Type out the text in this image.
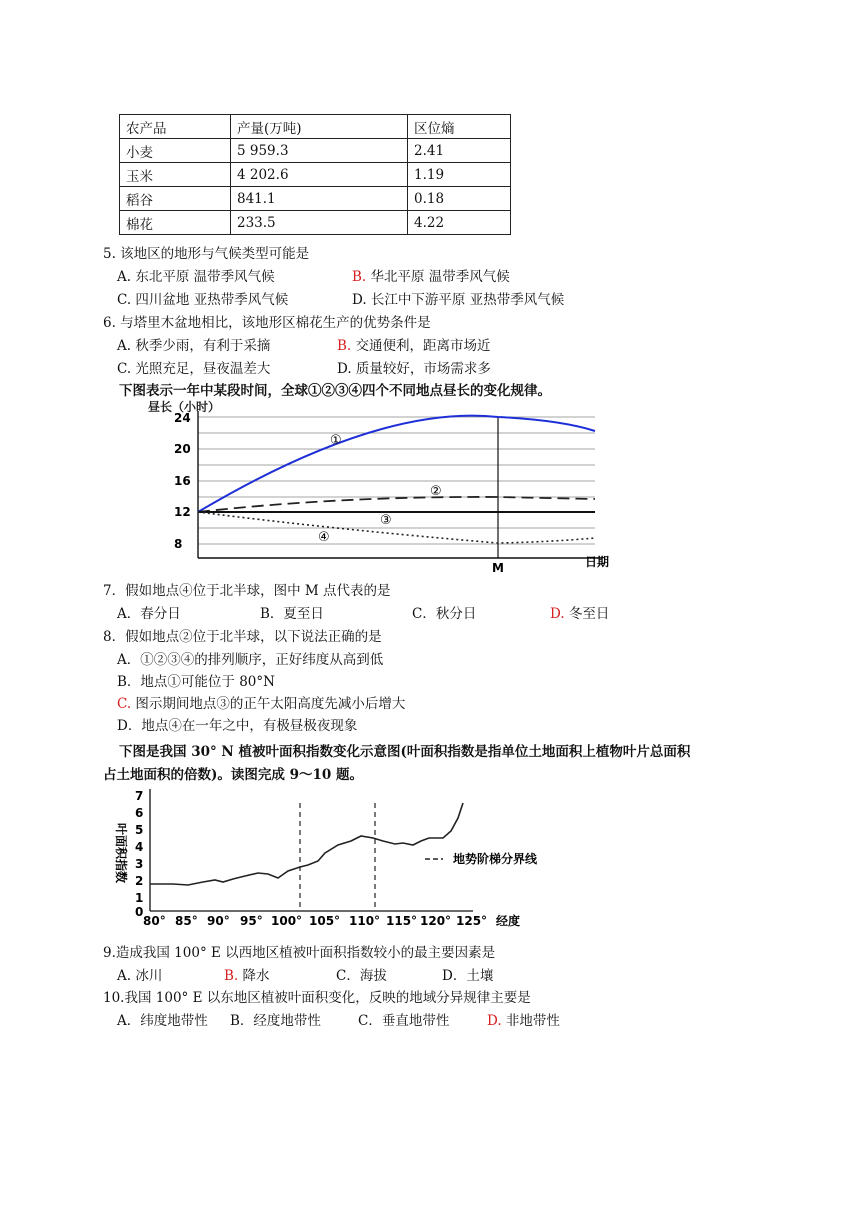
农产品	产量(万吨)	区位熵
小麦	5 959.3	2.41
玉米	4 202.6	1.19
稻谷	841.1	0.18
棉花	233.5	4.22
5. 该地区的地形与气候类型可能是
A. 东北平原 温带季风气候	B. 华北平原 温带季风气候
C. 四川盆地 亚热带季风气候	D. 长江中下游平原 亚热带季风气候
6. 与塔里木盆地相比，该地形区棉花生产的优势条件是
A. 秋季少雨，有利于采摘	B. 交通便利，距离市场近
C. 光照充足，昼夜温差大	D. 质量较好，市场需求多
下图表示一年中某段时间，全球①②③④四个不同地点昼长的变化规律。
昼长（小时）
24
20
16
12
8
①
②
③
④
M	日期
7．假如地点④位于北半球，图中 M 点代表的是
A．春分日	B．夏至日	C．秋分日	D. 冬至日
8．假如地点②位于北半球，以下说法正确的是
A．①②③④的排列顺序，正好纬度从高到低
B．地点①可能位于 80°N
C. 图示期间地点③的正午太阳高度先减小后增大
D．地点④在一年之中，有极昼极夜现象
下图是我国 30° N 植被叶面积指数变化示意图(叶面积指数是指单位土地面积上植物叶片总面积
占土地面积的倍数)。读图完成 9～10 题。
叶面积指数
7
6
5
4
3
2
1
0
地势阶梯分界线
80° 85° 90° 95° 100° 105° 110° 115° 120° 125° 经度
9.造成我国 100° E 以西地区植被叶面积指数较小的最主要因素是
A. 冰川	B. 降水	C．海拔	D．土壤
10.我国 100° E 以东地区植被叶面积变化，反映的地域分异规律主要是
A．纬度地带性 B．经度地带性	C．垂直地带性	D. 非地带性
